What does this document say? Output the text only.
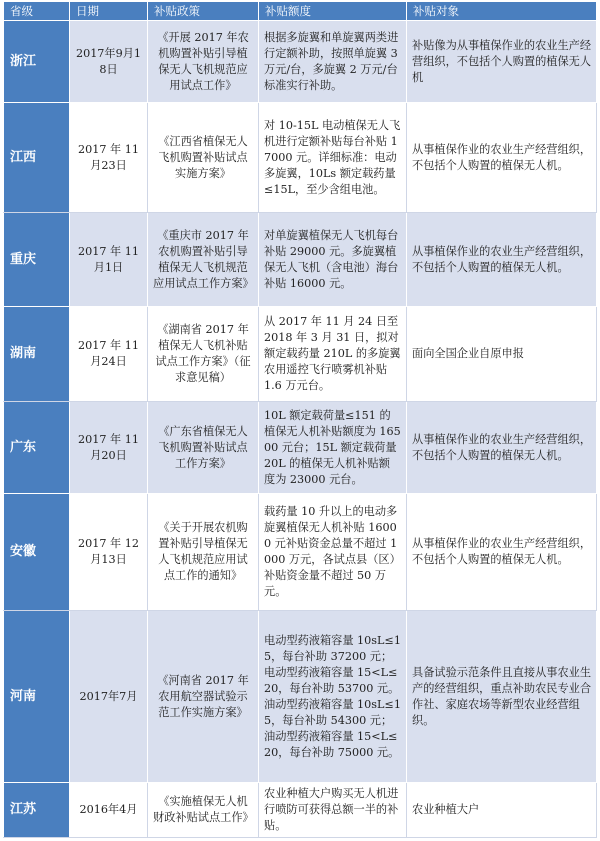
省级	日期	补贴政策	补贴额度	补贴对象
浙江	2017年9月18日	《开展 2017 年农机购置补贴引导植保无人飞机规范应用试点工作》	根据多旋翼和单旋翼两类进行定额补助，按照单旋翼 3 万元/台，多旋翼 2 万元/台标准实行补助。	补贴像为从事植保作业的农业生产经营组织，不包括个人购置的植保无人机
江西	2017 年 11月23日	《江西省植保无人飞机购置补贴试点实施方案》	对 10-15L 电动植保无人飞机进行定额补贴每台补贴 17000 元。详细标准：电动多旋翼，10Ls 额定载药量≤15L，至少含组电池。	从事植保作业的农业生产经营组织，不包括个人购置的植保无人机。
重庆	2017 年 11月1日	《重庆市 2017 年农机购置补贴引导植保无人飞机规范应用试点工作方案》	对单旋翼植保无人飞机每台补贴 29000 元。多旋翼植保无人飞机（含电池）海台补贴 16000 元。	从事植保作业的农业生产经营组织，不包括个人购置的植保无人机。
湖南	2017 年 11月24日	《湖南省 2017 年植保无人飞机补贴试点工作方案》（征求意见稿）	从 2017 年 11 月 24 日至 2018 年 3 月 31 日，拟对额定载药量 210L 的多旋翼农用遥控飞行喷雾机补贴 1.6 万元台。	面向全国企业自原申报
广东	2017 年 11月20日	《广东省植保无人飞机购置补贴试点工作方案》	10L 额定载荷量≤151 的植保无人机补贴额度为 16500 元台；15L 额定载荷量 20L 的植保无人机补贴额度为 23000 元台。	从事植保作业的农业生产经营组织，不包括个人购置的植保无人机。
安徽	2017 年 12月13日	《关于开展农机购置补贴引导植保无人飞机规范应用试点工作的通知》	载药量 10 升以上的电动多旋翼植保无人机补贴 16000 元补贴资金总量不超过 1000 万元，各试点县（区）补贴资金量不超过 50 万元。	从事植保作业的农业生产经营组织，不包括个人购置的植保无人机。
河南	2017年7月	《河南省 2017 年农用航空器试验示范工作实施方案》	电动型药液箱容量 10sL≤15，每台补助 37200 元；电动型药液箱容量 15<L≤ 20，每台补助 53700 元。油动型药液箱容量 10sL≤15，每台补助 54300 元；油动型药液箱容量 15<L≤20，每台补助 75000 元。	具备试验示范条件且直接从事农业生产的经营组织，重点补助农民专业合作社、家庭农场等新型农业经营组织。
江苏	2016年4月	《实施植保无人机财政补贴试点工作》	农业种植大户购买无人机进行喷防可获得总额一半的补贴。	农业种植大户
